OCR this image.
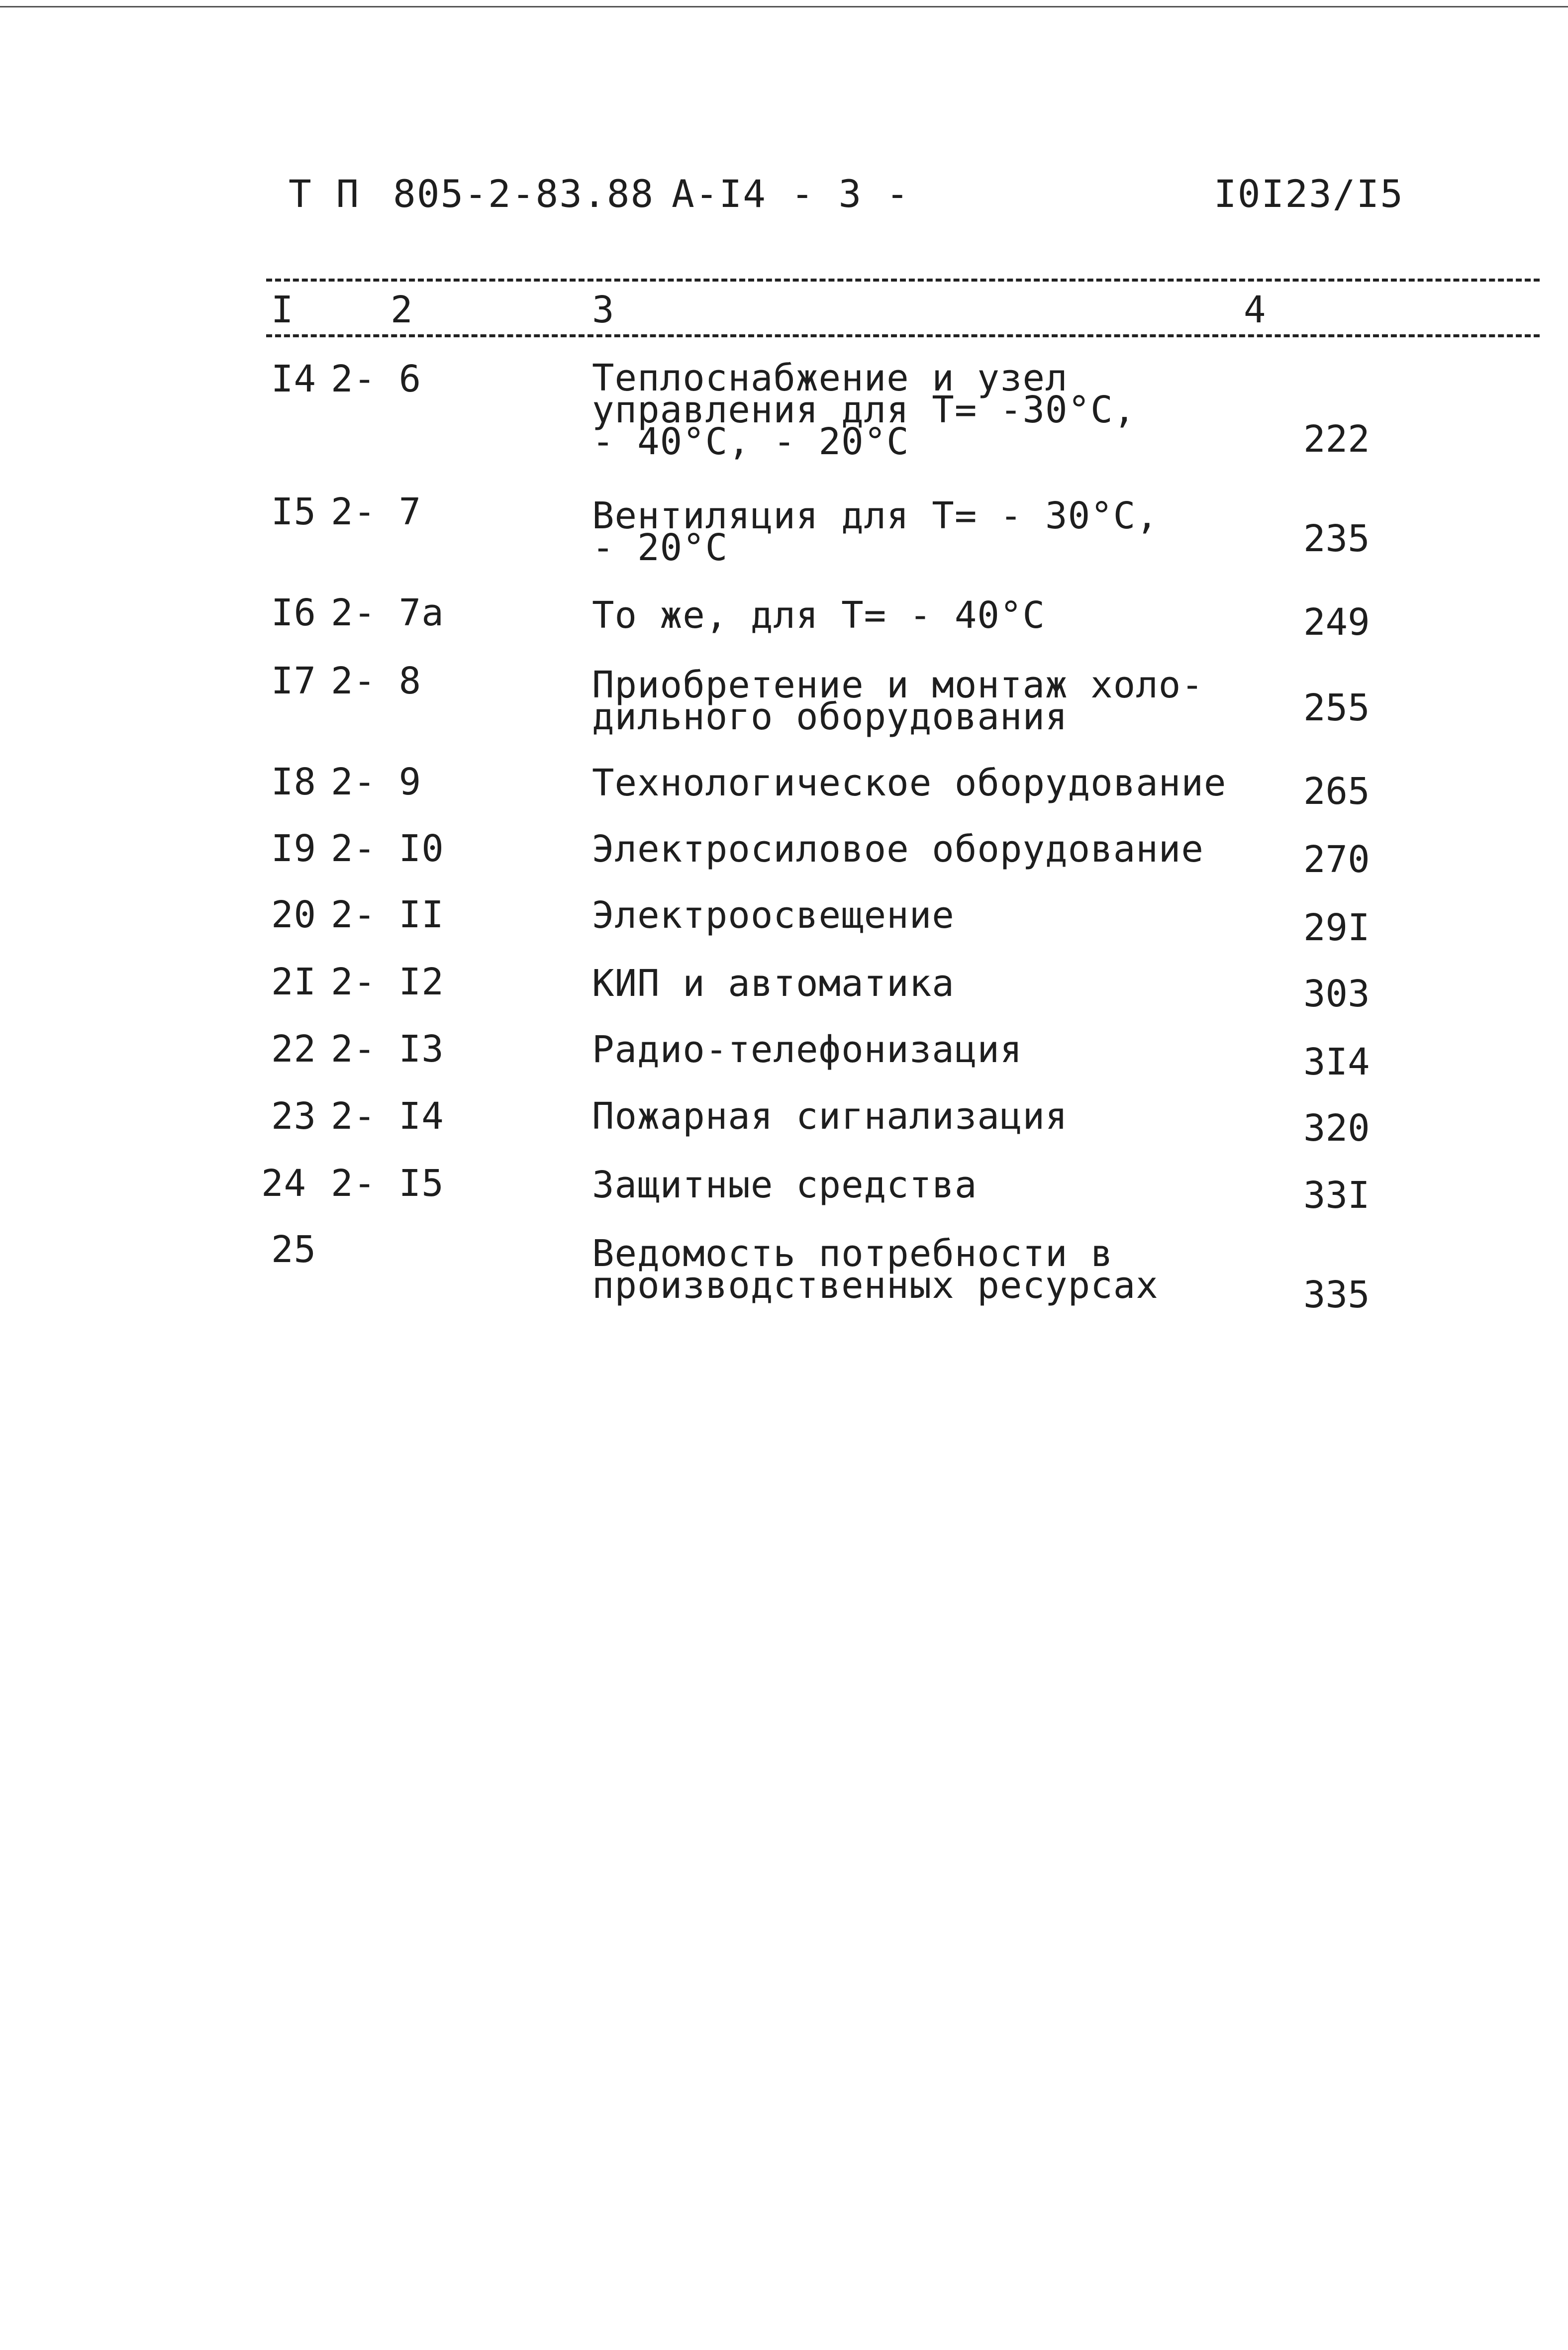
Т П 805-2-83.88 А-I4 - 3 -	I0I23/I5
I	2	3	4
I4 2- 6	Теплоснабжение и узел
управления для T= -30°C,
- 40°C, - 20°C	222
I5 2- 7	Вентиляция для T= - 30°C,
- 20°C	235
I6 2- 7a	То же, для T= - 40°C	249
I7 2- 8	Приобретение и монтаж холо-
дильного оборудования	255
I8 2- 9	Технологическое оборудование 265
I9 2- I0	Электросиловое оборудование	270
20 2- II	Электроосвещение	29I
2I 2- I2	КИП и автоматика	303
22 2- I3	Радио-телефонизация	3I4
23 2- I4	Пожарная сигнализация	320
24 2- I5	Защитные средства	33I
25	Ведомость потребности в
производственных ресурсах	335
